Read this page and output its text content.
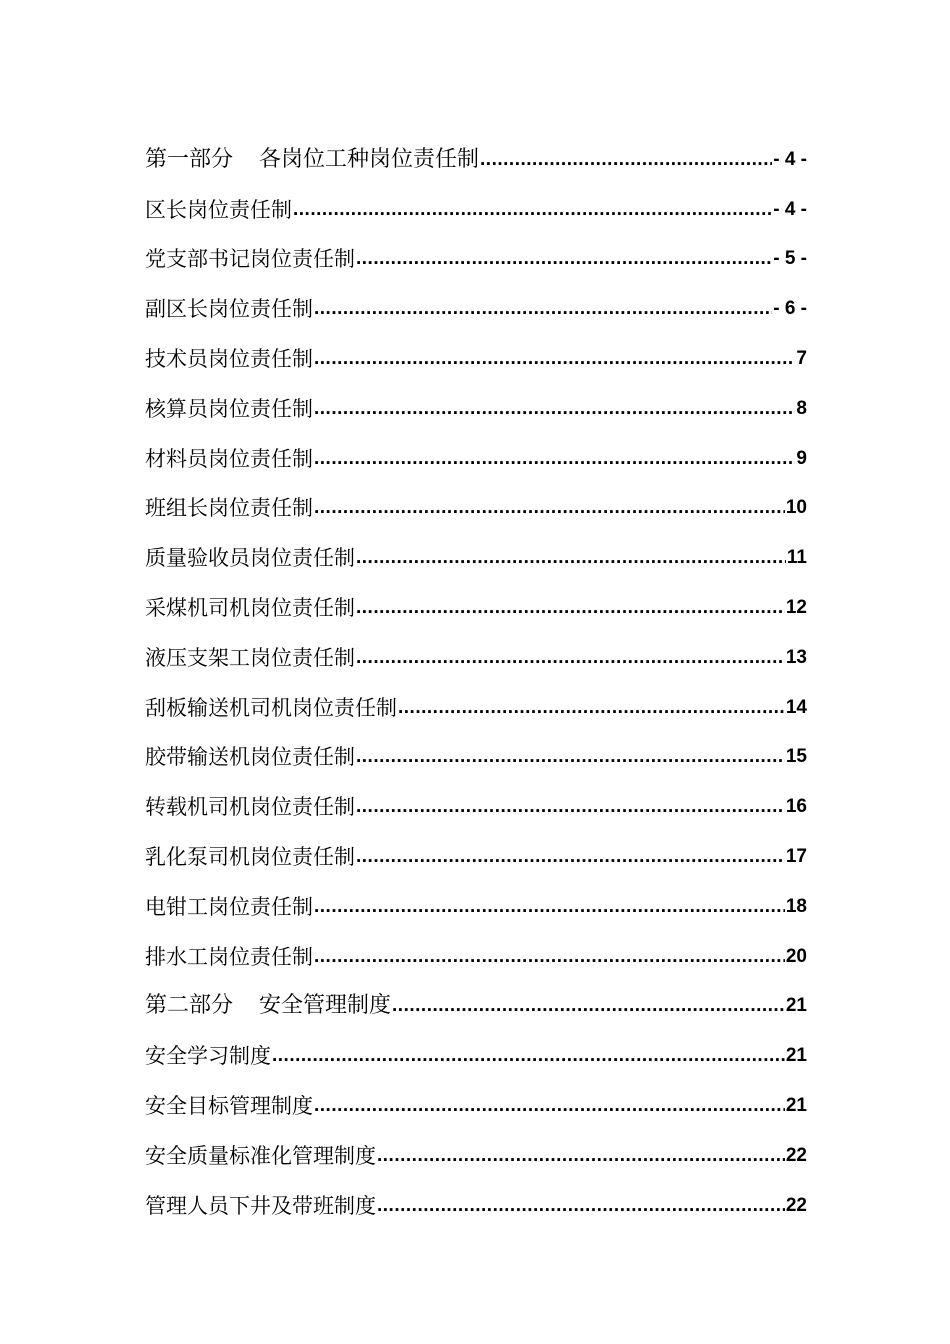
第一部分 各岗位工种岗位责任制 .....	- 4 -
区长岗位责任制 .....	- 4 -
党支部书记岗位责任制 .....	- 5 -
副区长岗位责任制 .....	- 6 -
技术员岗位责任制 .....	7
核算员岗位责任制 .....	8
材料员岗位责任制 .....	9
班组长岗位责任制 .....	10
质量验收员岗位责任制 .....	11
采煤机司机岗位责任制 .....	12
液压支架工岗位责任制 .....	13
刮板输送机司机岗位责任制 .....	14
胶带输送机岗位责任制 .....	15
转载机司机岗位责任制 .....	16
乳化泵司机岗位责任制 .....	17
电钳工岗位责任制 .....	18
排水工岗位责任制 .....	20
第二部分 安全管理制度 .....	21
安全学习制度 .....	21
安全目标管理制度 .....	21
安全质量标准化管理制度 .....	22
管理人员下井及带班制度 .....	22
